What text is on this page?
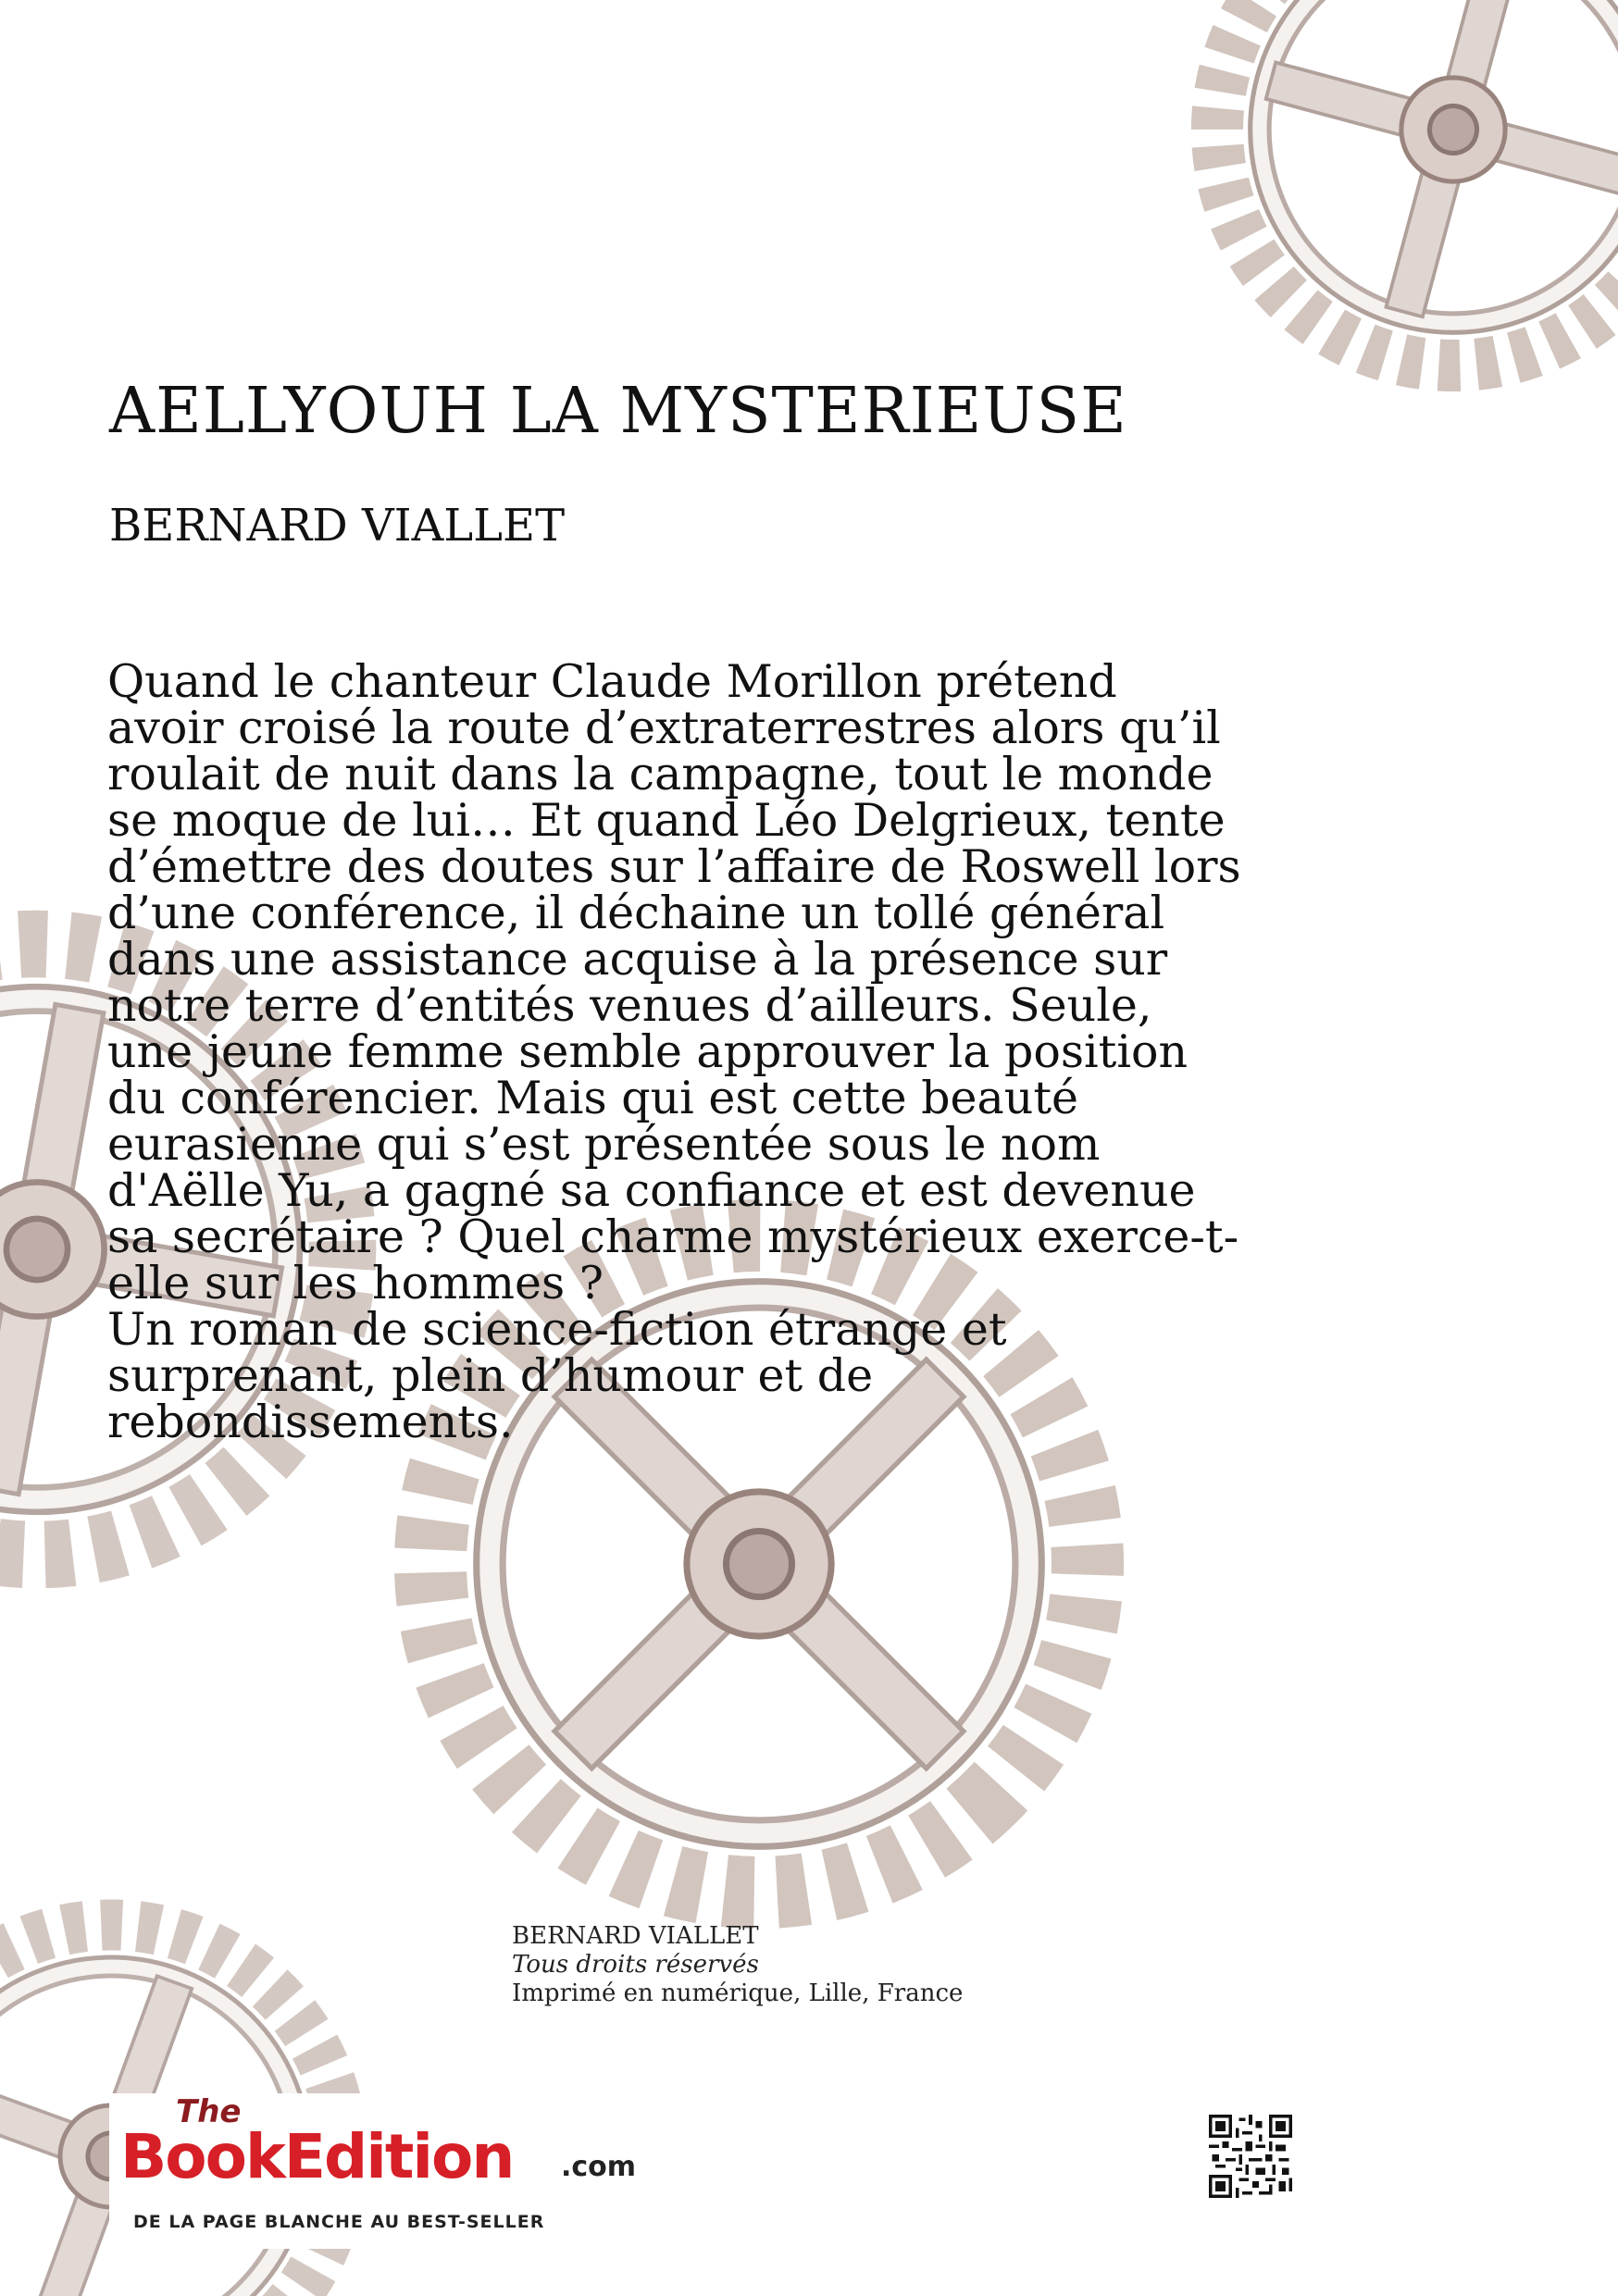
AELLYOUH LA MYSTERIEUSE
BERNARD VIALLET

Quand le chanteur Claude Morillon prétend avoir croisé la route d’extraterrestres alors qu’il roulait de nuit dans la campagne, tout le monde se moque de lui… Et quand Léo Delgrieux, tente d’émettre des doutes sur l’affaire de Roswell lors d’une conférence, il déchaine un tollé général dans une assistance acquise à la présence sur notre terre d’entités venues d’ailleurs. Seule, une jeune femme semble approuver la position du conférencier. Mais qui est cette beauté eurasienne qui s’est présentée sous le nom d'Aëlle Yu, a gagné sa confiance et est devenue sa secrétaire ? Quel charme mystérieux exerce-t-elle sur les hommes ?

Un roman de science-fiction étrange et surprenant, plein d’humour et de rebondissements.

BERNARD VIALLET
Tous droits réservés
Imprimé en numérique, Lille, France
The
BookEdition .com
DE LA PAGE BLANCHE AU BEST-SELLER
